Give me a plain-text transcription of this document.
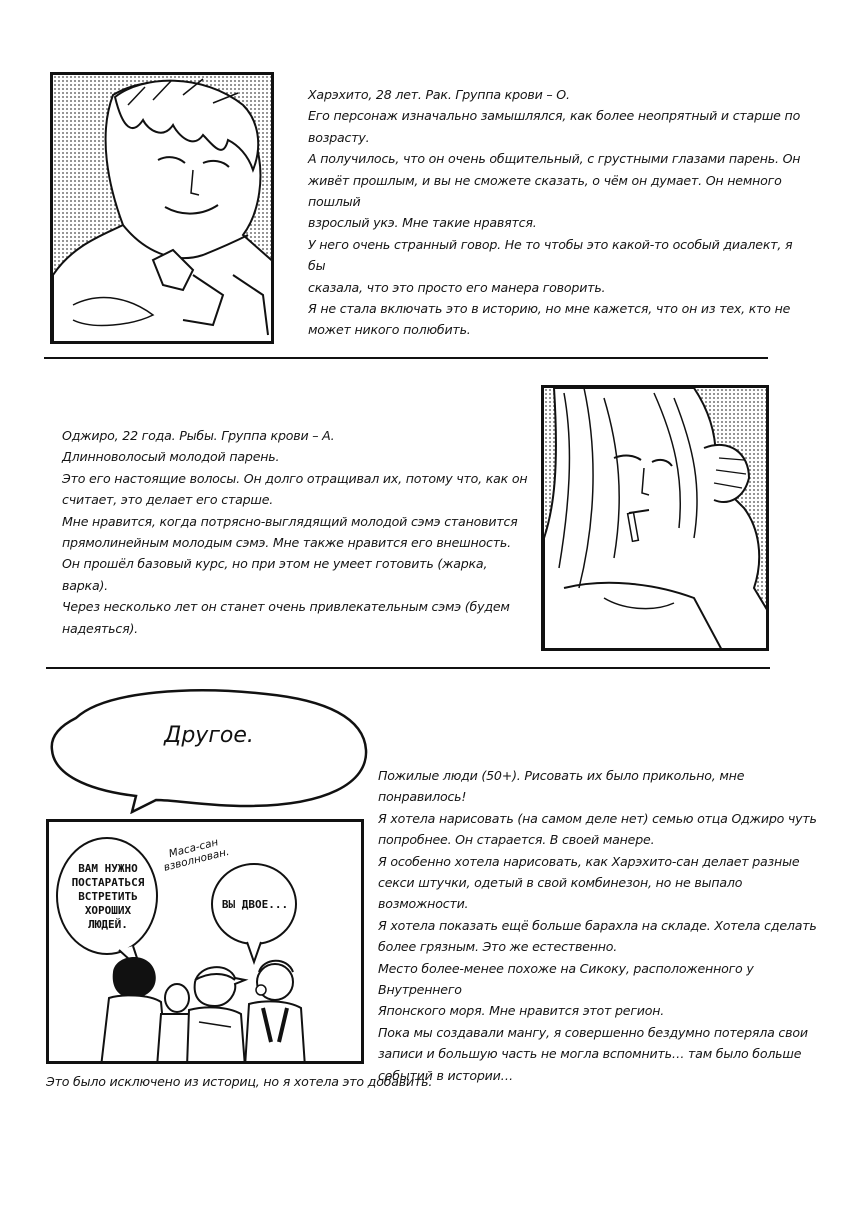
Харэхито, 28 лет. Рак. Группа крови – О.

Его персонаж изначально замышлялся, как более неопрятный и старше по

возрасту.

А получилось, что он очень общительный, с грустными глазами парень. Он

живёт прошлым, и вы не сможете сказать, о чём он думает. Он немного пошлый

взрослый укэ. Мне такие нравятся.

У него очень странный говор. Не то чтобы это какой-то особый диалект, я бы

сказала, что это просто его манера говорить.

Я не стала включать это в историю, но мне кажется, что он из тех, кто не

может никого полюбить.

Оджиро, 22 года. Рыбы. Группа крови – А.

Длинноволосый молодой парень.

Это его настоящие волосы. Он долго отращивал их, потому что, как он

считает, это делает его старше.

Мне нравится, когда потрясно-выглядящий молодой сэмэ становится

прямолинейным молодым сэмэ. Мне также нравится его внешность.

Он прошёл базовый курс, но при этом не умеет готовить (жарка, варка).

Через несколько лет он станет очень привлекательным сэмэ (будем

надеяться).

Другое.
ВАМ НУЖНО ПОСТАРАТЬСЯ ВСТРЕТИТЬ ХОРОШИХ ЛЮДЕЙ.
ВЫ ДВОЕ...
Маса-сан взволнован.

Пожилые люди (50+). Рисовать их было прикольно, мне понравилось!

Я хотела нарисовать (на самом деле нет) семью отца Оджиро чуть

попробнее. Он старается. В своей манере.

Я особенно хотела нарисовать, как Харэхито-сан делает разные

секси штучки, одетый в свой комбинезон, но не выпало возможности.

Я хотела показать ещё больше барахла на складе. Хотела сделать

более грязным. Это же естественно.

Место более-менее похоже на Сикоку, расположенного у Внутреннего

Японского моря. Мне нравится этот регион.

Пока мы создавали мангу, я совершенно бездумно потеряла свои

записи и большую часть не могла вспомнить… там было больше

событий в истории…

Это было исключено из историц, но я хотела это добавить.
